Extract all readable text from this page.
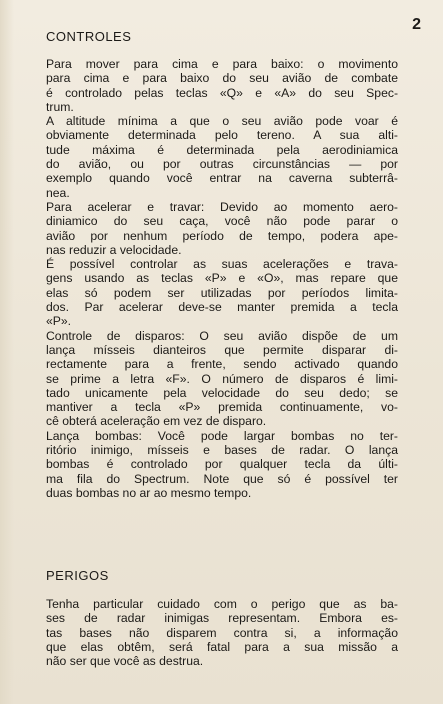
2
CONTROLES
Para mover para cima e para baixo: o movimento
para cima e para baixo do seu avião de combate
é controlado pelas teclas «Q» e «A» do seu Spec-
trum.
A altitude mínima a que o seu avião pode voar é
obviamente determinada pelo tereno. A sua alti-
tude máxima é determinada pela aerodiniamica
do avião, ou por outras circunstâncias — por
exemplo quando você entrar na caverna subterrâ-
nea.
Para acelerar e travar: Devido ao momento aero-
diniamico do seu caça, você não pode parar o
avião por nenhum período de tempo, podera ape-
nas reduzir a velocidade.
É possível controlar as suas acelerações e trava-
gens usando as teclas «P» e «O», mas repare que
elas só podem ser utilizadas por períodos limita-
dos. Par acelerar deve-se manter premida a tecla
«P».
Controle de disparos: O seu avião dispõe de um
lança mísseis dianteiros que permite disparar di-
rectamente para a frente, sendo activado quando
se prime a letra «F». O número de disparos é limi-
tado unicamente pela velocidade do seu dedo; se
mantiver a tecla «P» premida continuamente, vo-
cê obterá aceleração em vez de disparo.
Lança bombas: Você pode largar bombas no ter-
ritório inimigo, mísseis e bases de radar. O lança
bombas é controlado por qualquer tecla da últi-
ma fila do Spectrum. Note que só é possível ter
duas bombas no ar ao mesmo tempo.
PERIGOS
Tenha particular cuidado com o perigo que as ba-
ses de radar inimigas representam. Embora es-
tas bases não disparem contra si, a informação
que elas obtêm, será fatal para a sua missão a
não ser que você as destrua.
